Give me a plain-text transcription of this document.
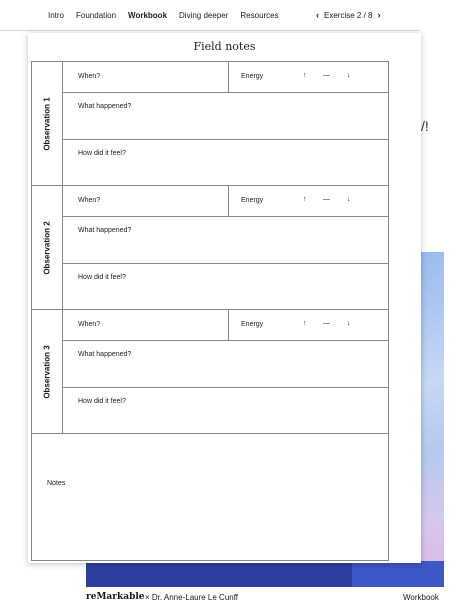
Intro Foundation Workbook Diving deeper Resources	‹ Exercise 2 / 8 ›
/!
Field notes
Observation 1
When?	Energy	↑ — ↓
What happened?
How did it feel?
Observation 2
When?	Energy	↑ — ↓
What happened?
How did it feel?
Observation 3
When?	Energy	↑ — ↓
What happened?
How did it feel?
Notes
reMarkable × Dr. Anne-Laure Le Cunff	Workbook
